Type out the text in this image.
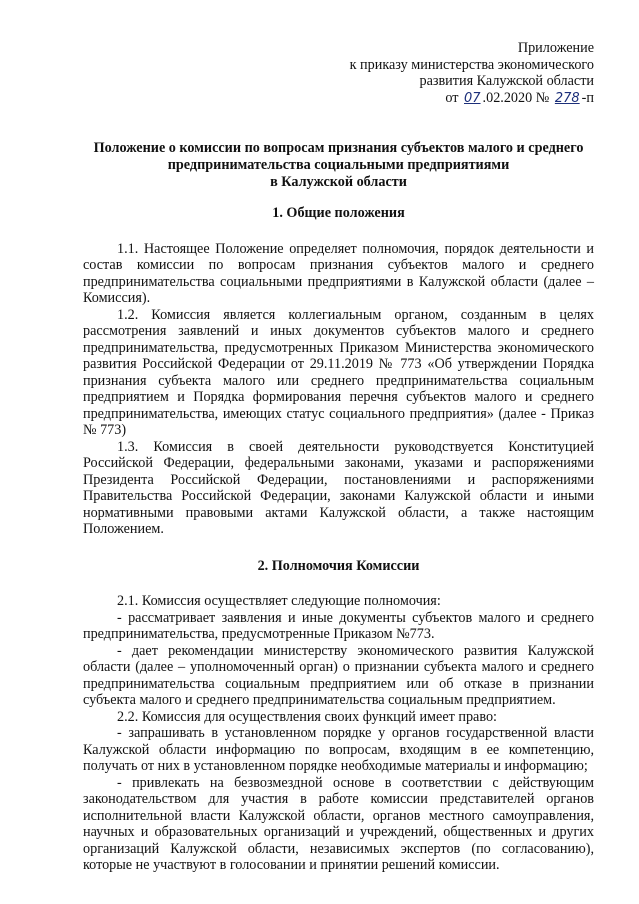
Приложение
к приказу министерства экономического
развития Калужской области
от 07 .02.2020 № 278 -п
Положение о комиссии по вопросам признания субъектов малого и среднего
предпринимательства социальными предприятиями
в Калужской области
1. Общие положения

1.1. Настоящее Положение определяет полномочия, порядок деятельности и состав комиссии по вопросам признания субъектов малого и среднего предпринимательства социальными предприятиями в Калужской области (далее – Комиссия).

1.2. Комиссия является коллегиальным органом, созданным в целях рассмотрения заявлений и иных документов субъектов малого и среднего предпринимательства, предусмотренных Приказом Министерства экономического развития Российской Федерации от 29.11.2019 № 773 «Об утверждении Порядка признания субъекта малого или среднего предпринимательства социальным предприятием и Порядка формирования перечня субъектов малого и среднего предпринимательства, имеющих статус социального предприятия» (далее - Приказ № 773)

1.3. Комиссия в своей деятельности руководствуется Конституцией Российской Федерации, федеральными законами, указами и распоряжениями Президента Российской Федерации, постановлениями и распоряжениями Правительства Российской Федерации, законами Калужской области и иными нормативными правовыми актами Калужской области, а также настоящим Положением.

2. Полномочия Комиссии

2.1. Комиссия осуществляет следующие полномочия:

- рассматривает заявления и иные документы субъектов малого и среднего предпринимательства, предусмотренные Приказом №773.

- дает рекомендации министерству экономического развития Калужской области (далее – уполномоченный орган) о признании субъекта малого и среднего предпринимательства социальным предприятием или об отказе в признании субъекта малого и среднего предпринимательства социальным предприятием.

2.2. Комиссия для осуществления своих функций имеет право:

- запрашивать в установленном порядке у органов государственной власти Калужской области информацию по вопросам, входящим в ее компетенцию, получать от них в установленном порядке необходимые материалы и информацию;

- привлекать на безвозмездной основе в соответствии с действующим законодательством для участия в работе комиссии представителей органов исполнительной власти Калужской области, органов местного самоуправления, научных и образовательных организаций и учреждений, общественных и других организаций Калужской области, независимых экспертов (по согласованию), которые не участвуют в голосовании и принятии решений комиссии.
